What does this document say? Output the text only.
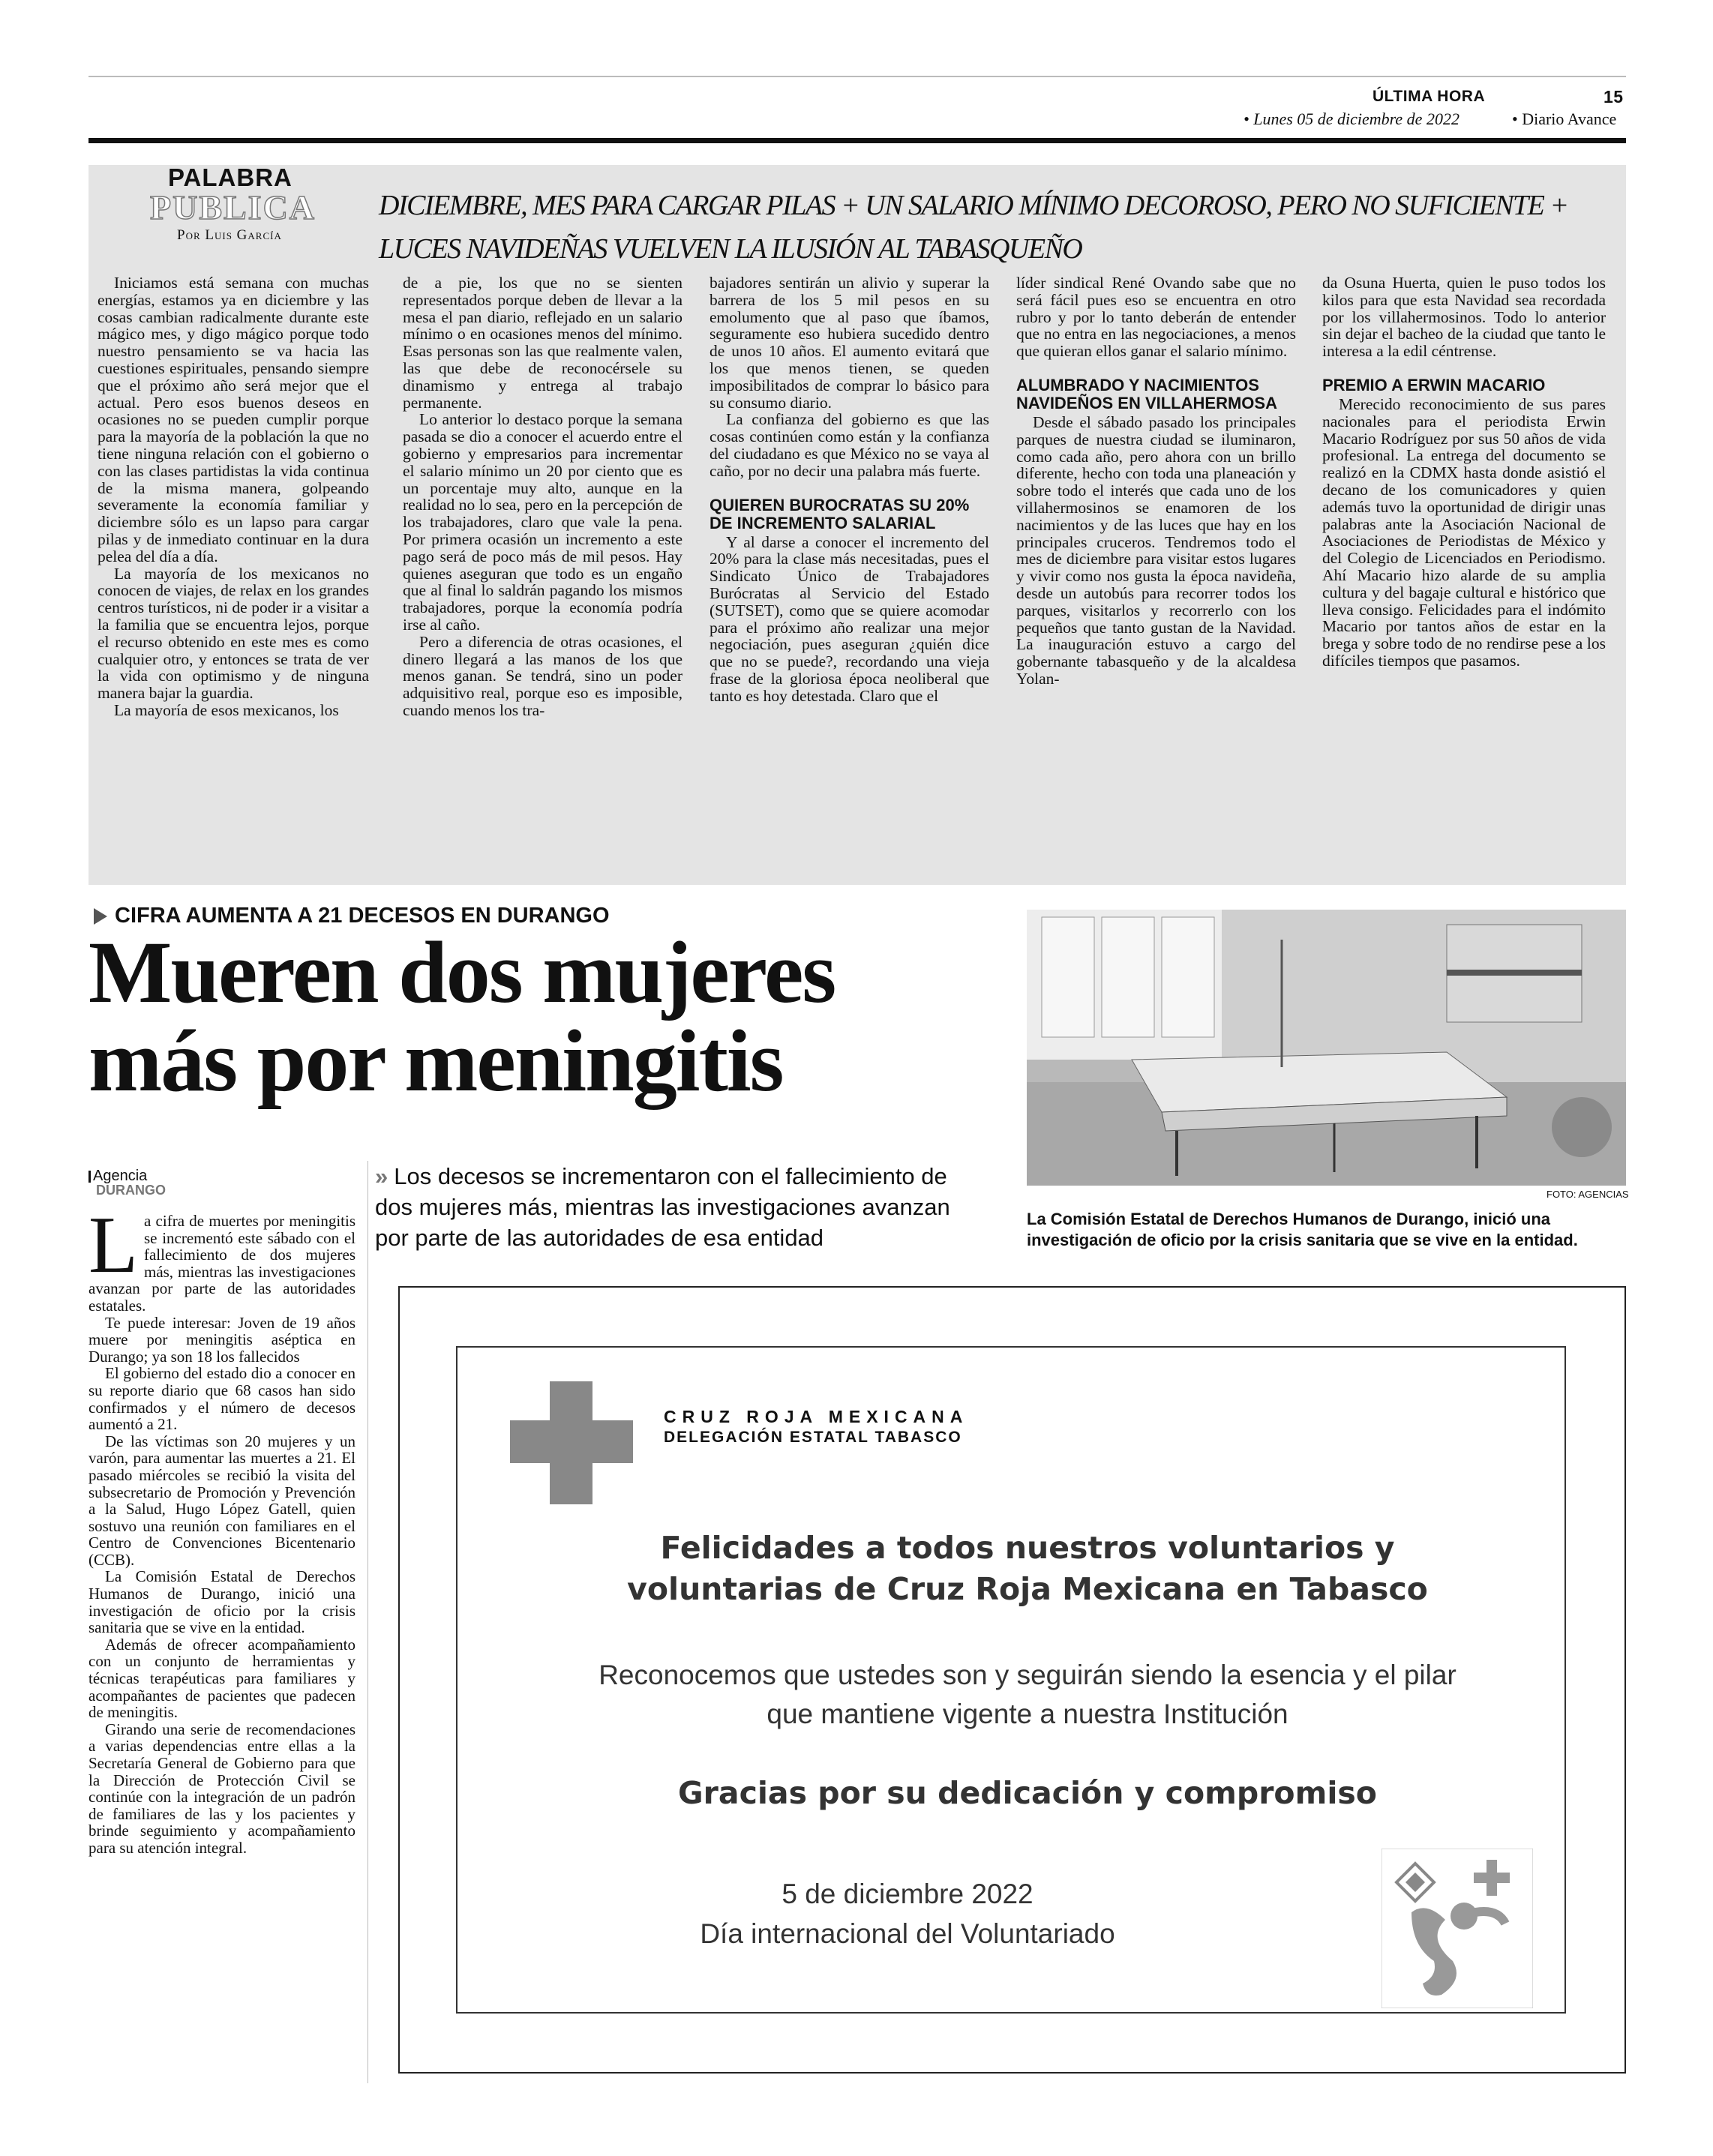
ÚLTIMA HORA	15
• Lunes 05 de diciembre de 2022	• Diario Avance
PALABRA
PUBLICA
Por Luis García
DICIEMBRE, MES PARA CARGAR PILAS + UN SALARIO MÍNIMO DECOROSO, PERO NO SUFICIENTE + LUCES NAVIDEÑAS VUELVEN LA ILUSIÓN AL TABASQUEÑO

Iniciamos está semana con muchas energías, estamos ya en diciembre y las cosas cambian radicalmente durante este mágico mes, y digo mágico porque todo nuestro pensamiento se va hacia las cuestiones espirituales, pensando siempre que el próximo año será mejor que el actual. Pero esos buenos deseos en ocasiones no se pueden cumplir porque para la mayoría de la población la que no tiene ninguna relación con el gobierno o con las clases partidistas la vida continua de la misma manera, golpeando severamente la economía familiar y diciembre sólo es un lapso para cargar pilas y de inmediato continuar en la dura pelea del día a día.

La mayoría de los mexicanos no conocen de viajes, de relax en los grandes centros turísticos, ni de poder ir a visitar a la familia que se encuentra lejos, porque el recurso obtenido en este mes es como cualquier otro, y entonces se trata de ver la vida con optimismo y de ninguna manera bajar la guardia.

La mayoría de esos mexicanos, los

de a pie, los que no se sienten representados porque deben de llevar a la mesa el pan diario, reflejado en un salario mínimo o en ocasiones menos del mínimo. Esas personas son las que realmente valen, las que debe de reconocérsele su dinamismo y entrega al trabajo permanente.

Lo anterior lo destaco porque la semana pasada se dio a conocer el acuerdo entre el gobierno y empresarios para incrementar el salario mínimo un 20 por ciento que es un porcentaje muy alto, aunque en la realidad no lo sea, pero en la percepción de los trabajadores, claro que vale la pena. Por primera ocasión un incremento a este pago será de poco más de mil pesos. Hay quienes aseguran que todo es un engaño que al final lo saldrán pagando los mismos trabajadores, porque la economía podría irse al caño.

Pero a diferencia de otras ocasiones, el dinero llegará a las manos de los que menos ganan. Se tendrá, sino un poder adquisitivo real, porque eso es imposible, cuando menos los tra-

bajadores sentirán un alivio y superar la barrera de los 5 mil pesos en su emolumento que al paso que íbamos, seguramente eso hubiera sucedido dentro de unos 10 años. El aumento evitará que los que menos tienen, se queden imposibilitados de comprar lo básico para su consumo diario.

La confianza del gobierno es que las cosas continúen como están y la confianza del ciudadano es que México no se vaya al caño, por no decir una palabra más fuerte.

QUIEREN BUROCRATAS SU 20% DE INCREMENTO SALARIAL

Y al darse a conocer el incremento del 20% para la clase más necesitadas, pues el Sindicato Único de Trabajadores Burócratas al Servicio del Estado (SUTSET), como que se quiere acomodar para el próximo año realizar una mejor negociación, pues aseguran ¿quién dice que no se puede?, recordando una vieja frase de la gloriosa época neoliberal que tanto es hoy detestada. Claro que el

líder sindical René Ovando sabe que no será fácil pues eso se encuentra en otro rubro y por lo tanto deberán de entender que no entra en las negociaciones, a menos que quieran ellos ganar el salario mínimo.

ALUMBRADO Y NACIMIENTOS NAVIDEÑOS EN VILLAHERMOSA

Desde el sábado pasado los principales parques de nuestra ciudad se iluminaron, como cada año, pero ahora con un brillo diferente, hecho con toda una planeación y sobre todo el interés que cada uno de los villahermosinos se enamoren de los nacimientos y de las luces que hay en los principales cruceros. Tendremos todo el mes de diciembre para visitar estos lugares y vivir como nos gusta la época navideña, desde un autobús para recorrer todos los parques, visitarlos y recorrerlo con los pequeños que tanto gustan de la Navidad. La inauguración estuvo a cargo del gobernante tabasqueño y de la alcaldesa Yolan-

da Osuna Huerta, quien le puso todos los kilos para que esta Navidad sea recordada por los villahermosinos. Todo lo anterior sin dejar el bacheo de la ciudad que tanto le interesa a la edil céntrense.

PREMIO A ERWIN MACARIO

Merecido reconocimiento de sus pares nacionales para el periodista Erwin Macario Rodríguez por sus 50 años de vida profesional. La entrega del documento se realizó en la CDMX hasta donde asistió el decano de los comunicadores y quien además tuvo la oportunidad de dirigir unas palabras ante la Asociación Nacional de Asociaciones de Periodistas de México y del Colegio de Licenciados en Periodismo. Ahí Macario hizo alarde de su amplia cultura y del bagaje cultural e histórico que lleva consigo. Felicidades para el indómito Macario por tantos años de estar en la brega y sobre todo de no rendirse pese a los difíciles tiempos que pasamos.

CIFRA AUMENTA A 21 DECESOS EN DURANGO
Mueren dos mujeres
más por meningitis
FOTO: AGENCIAS
La Comisión Estatal de Derechos Humanos de Durango, inició una investigación de oficio por la crisis sanitaria que se vive en la entidad.
Agencia
DURANGO
» Los decesos se incrementaron con el fallecimiento de dos mujeres más, mientras las investigaciones avanzan por parte de las autoridades de esa entidad

La cifra de muertes por meningitis se incrementó este sábado con el fallecimiento de dos mujeres más, mientras las investigaciones avanzan por parte de las autoridades estatales.

Te puede interesar: Joven de 19 años muere por meningitis aséptica en Durango; ya son 18 los fallecidos

El gobierno del estado dio a conocer en su reporte diario que 68 casos han sido confirmados y el número de decesos aumentó a 21.

De las víctimas son 20 mujeres y un varón, para aumentar las muertes a 21. El pasado miércoles se recibió la visita del subsecretario de Promoción y Prevención a la Salud, Hugo López Gatell, quien sostuvo una reunión con familiares en el Centro de Convenciones Bicentenario (CCB).

La Comisión Estatal de Derechos Humanos de Durango, inició una investigación de oficio por la crisis sanitaria que se vive en la entidad.

Además de ofrecer acompañamiento con un conjunto de herramientas y técnicas terapéuticas para familiares y acompañantes de pacientes que padecen de meningitis.

Girando una serie de recomendaciones a varias dependencias entre ellas a la Secretaría General de Gobierno para que la Dirección de Protección Civil se continúe con la integración de un padrón de familiares de las y los pacientes y brinde seguimiento y acompañamiento para su atención integral.

CRUZ ROJA MEXICANA
DELEGACIÓN ESTATAL TABASCO
Felicidades a todos nuestros voluntarios y
voluntarias de Cruz Roja Mexicana en Tabasco
Reconocemos que ustedes son y seguirán siendo la esencia y el pilar
que mantiene vigente a nuestra Institución
Gracias por su dedicación y compromiso
5 de diciembre 2022
Día internacional del Voluntariado
